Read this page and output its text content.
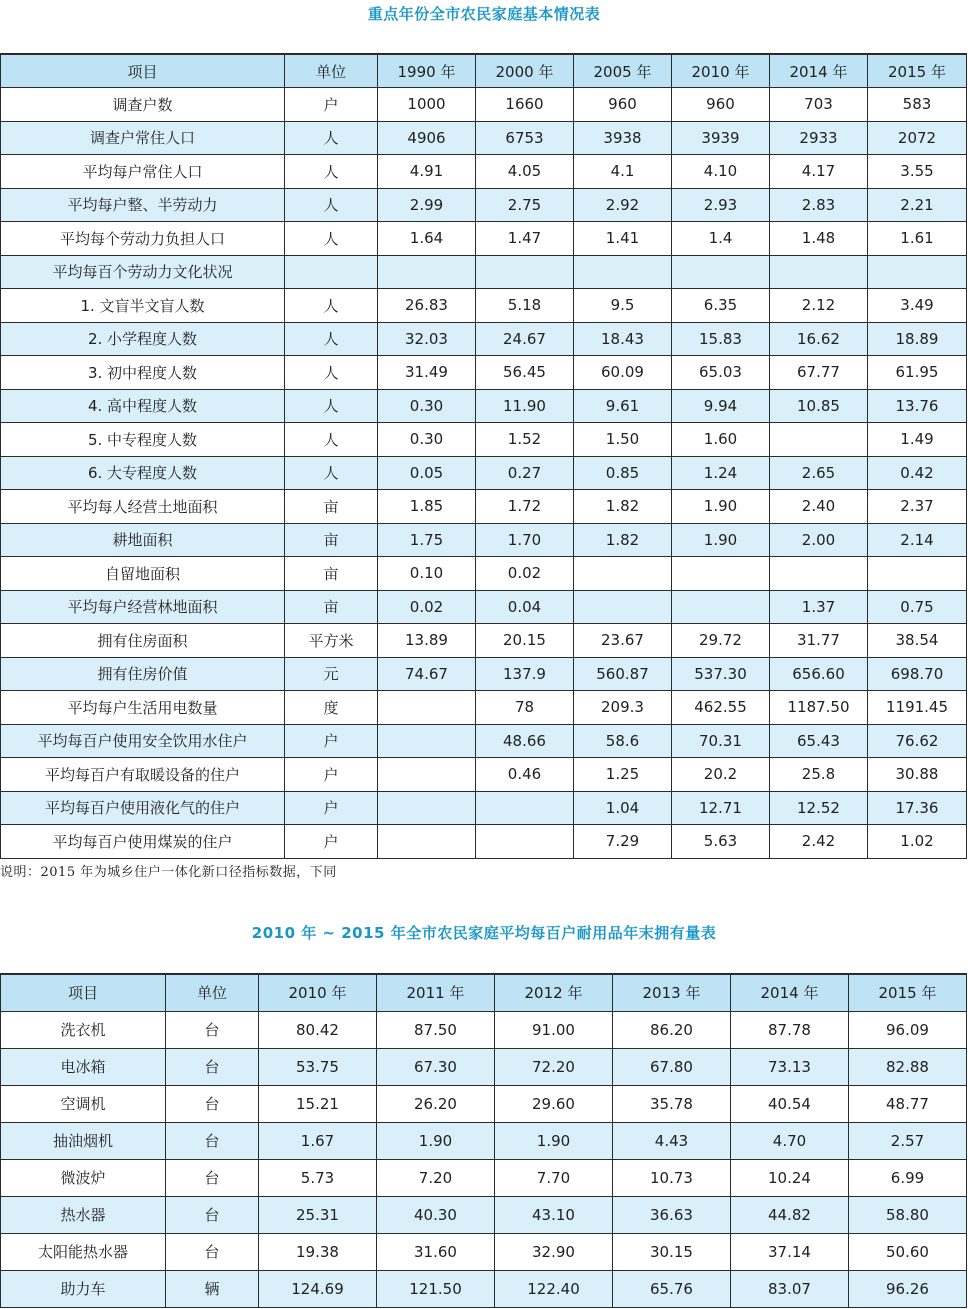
重点年份全市农民家庭基本情况表
项目	单位	1990 年	2000 年	2005 年	2010 年	2014 年	2015 年
调查户数	户	1000	1660	960	960	703	583
调查户常住人口	人	4906	6753	3938	3939	2933	2072
平均每户常住人口	人	4.91	4.05	4.1	4.10	4.17	3.55
平均每户整、半劳动力	人	2.99	2.75	2.92	2.93	2.83	2.21
平均每个劳动力负担人口	人	1.64	1.47	1.41	1.4	1.48	1.61
平均每百个劳动力文化状况							
1. 文盲半文盲人数	人	26.83	5.18	9.5	6.35	2.12	3.49
2. 小学程度人数	人	32.03	24.67	18.43	15.83	16.62	18.89
3. 初中程度人数	人	31.49	56.45	60.09	65.03	67.77	61.95
4. 高中程度人数	人	0.30	11.90	9.61	9.94	10.85	13.76
5. 中专程度人数	人	0.30	1.52	1.50	1.60		1.49
6. 大专程度人数	人	0.05	0.27	0.85	1.24	2.65	0.42
平均每人经营土地面积	亩	1.85	1.72	1.82	1.90	2.40	2.37
耕地面积	亩	1.75	1.70	1.82	1.90	2.00	2.14
自留地面积	亩	0.10	0.02				
平均每户经营林地面积	亩	0.02	0.04			1.37	0.75
拥有住房面积	平方米	13.89	20.15	23.67	29.72	31.77	38.54
拥有住房价值	元	74.67	137.9	560.87	537.30	656.60	698.70
平均每户生活用电数量	度		78	209.3	462.55	1187.50	1191.45
平均每百户使用安全饮用水住户	户		48.66	58.6	70.31	65.43	76.62
平均每百户有取暖设备的住户	户		0.46	1.25	20.2	25.8	30.88
平均每百户使用液化气的住户	户			1.04	12.71	12.52	17.36
平均每百户使用煤炭的住户	户			7.29	5.63	2.42	1.02
说明：2015 年为城乡住户一体化新口径指标数据，下同
2010 年 ~ 2015 年全市农民家庭平均每百户耐用品年末拥有量表
项目	单位	2010 年	2011 年	2012 年	2013 年	2014 年	2015 年
洗衣机	台	80.42	87.50	91.00	86.20	87.78	96.09
电冰箱	台	53.75	67.30	72.20	67.80	73.13	82.88
空调机	台	15.21	26.20	29.60	35.78	40.54	48.77
抽油烟机	台	1.67	1.90	1.90	4.43	4.70	2.57
微波炉	台	5.73	7.20	7.70	10.73	10.24	6.99
热水器	台	25.31	40.30	43.10	36.63	44.82	58.80
太阳能热水器	台	19.38	31.60	32.90	30.15	37.14	50.60
助力车	辆	124.69	121.50	122.40	65.76	83.07	96.26
